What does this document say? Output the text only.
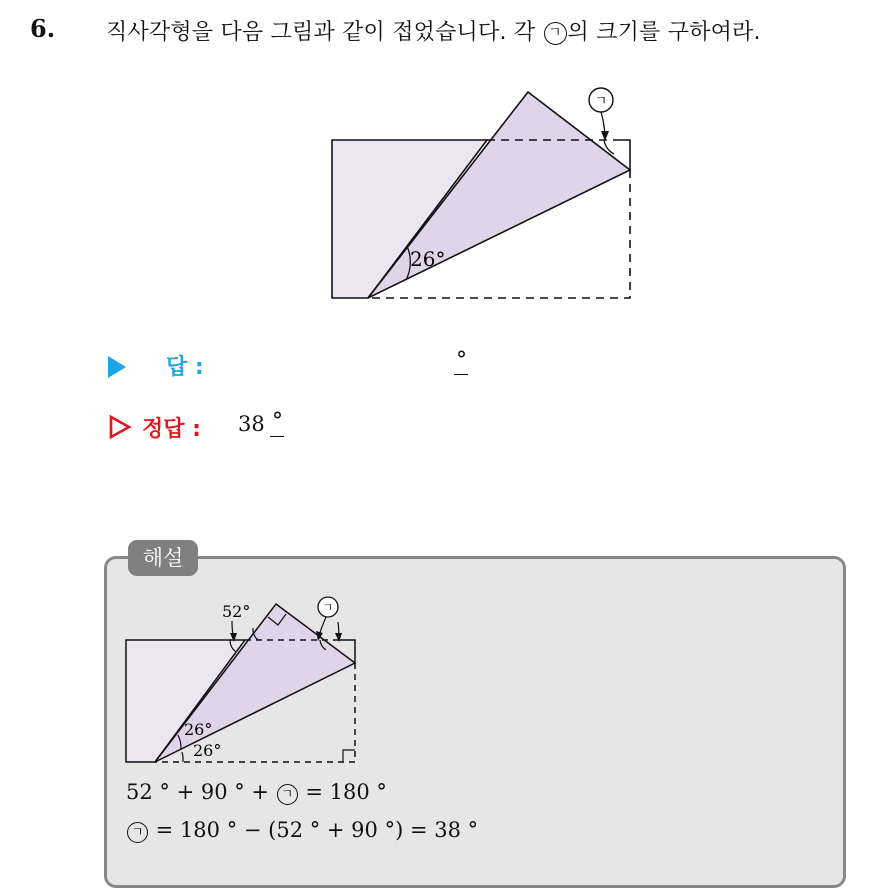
6. 직사각형을 다음 그림과 같이 접었습니다. 각 ㄱ 의 크기를 구하여라.
26°
ㄱ
답 :	°
정답 : 38 °
해설
52°	ㄱ
26°
26°
52 ° + 90 ° + ㄱ = 180 °
ㄱ = 180 ° − (52 ° + 90 °) = 38 °
